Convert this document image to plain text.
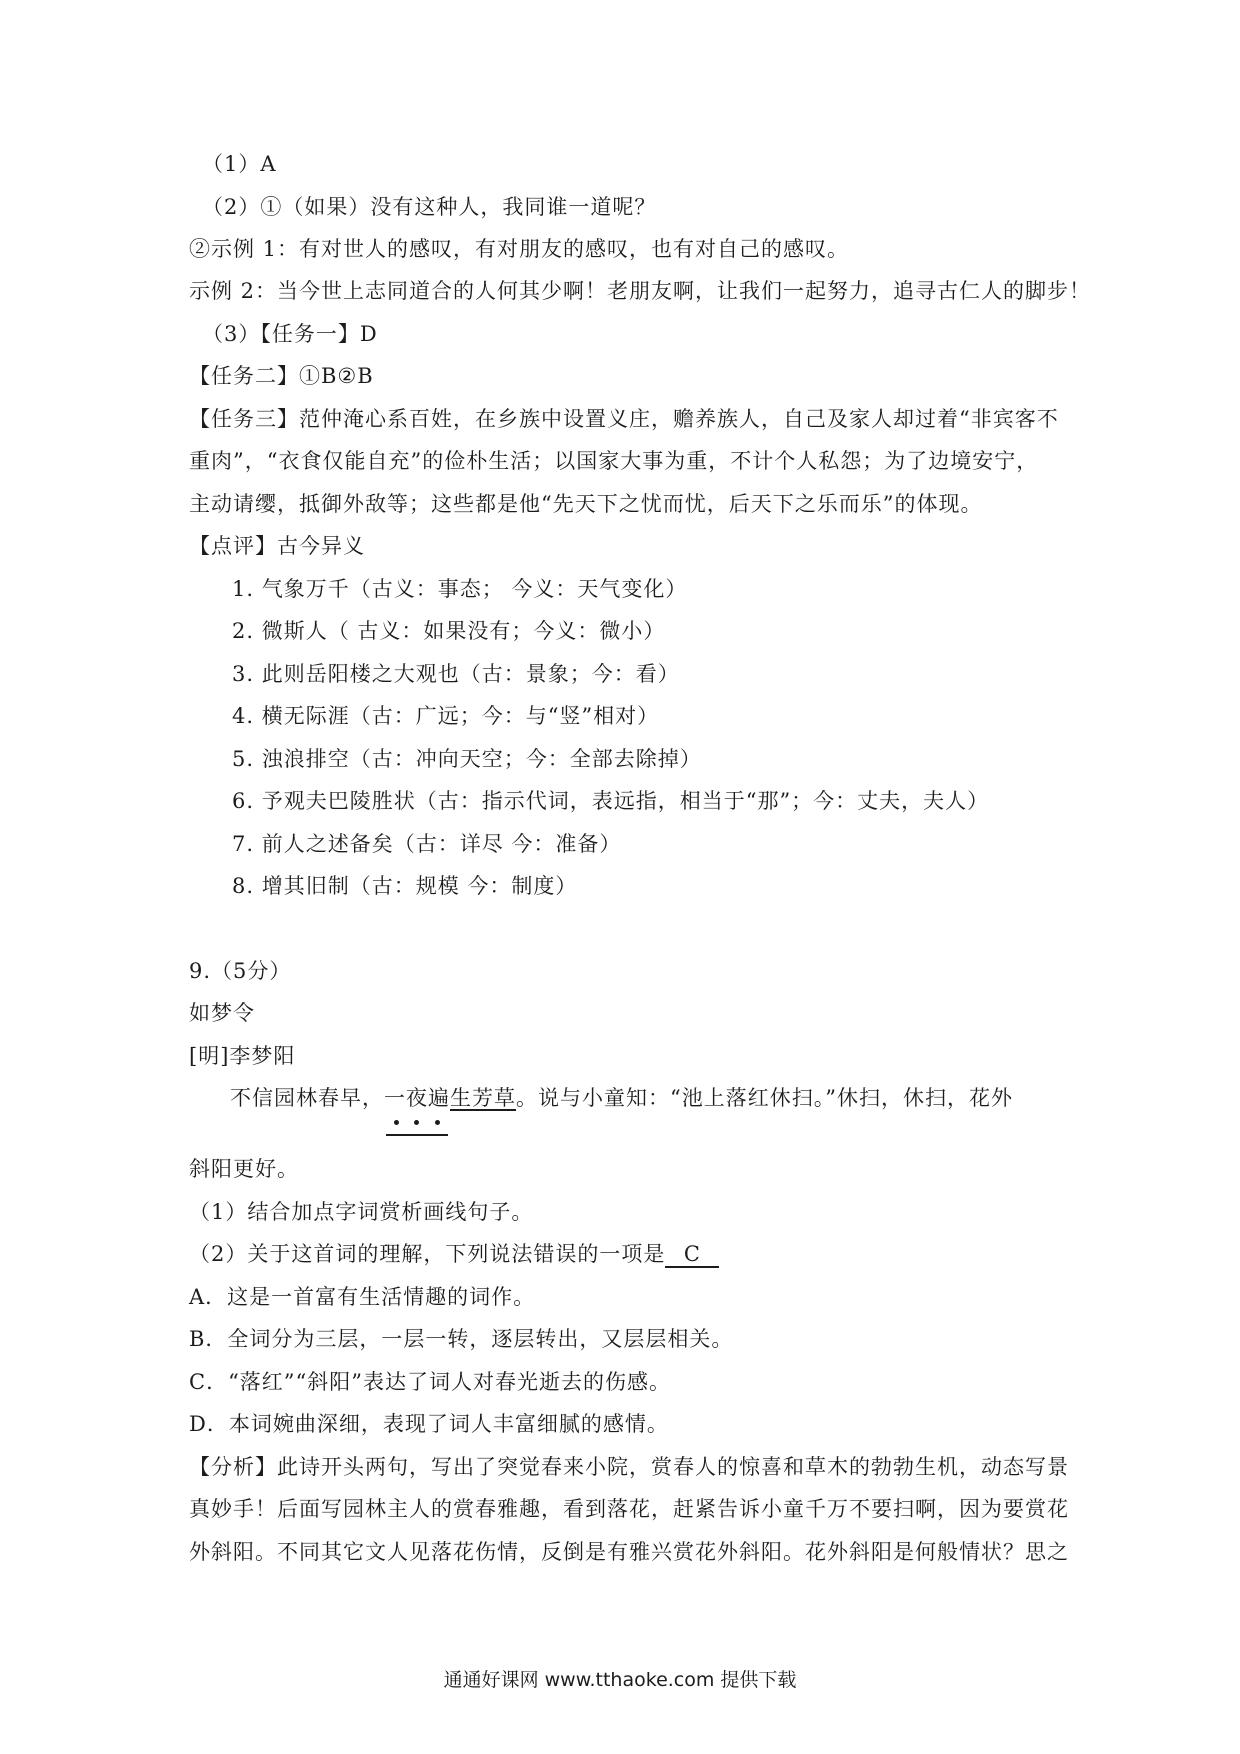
（1）A
（2）①（如果）没有这种人，我同谁一道呢？
②示例 1：有对世人的感叹，有对朋友的感叹，也有对自己的感叹。
示例 2：当今世上志同道合的人何其少啊！老朋友啊，让我们一起努力，追寻古仁人的脚步！
（3）【任务一】D
【任务二】①B②B
【任务三】范仲淹心系百姓，在乡族中设置义庄，赡养族人，自己及家人却过着“非宾客不
重肉”，“衣食仅能自充”的俭朴生活；以国家大事为重，不计个人私怨；为了边境安宁，
主动请缨，抵御外敌等；这些都是他“先天下之忧而忧，后天下之乐而乐”的体现。
【点评】古今异义
1. 气象万千（古义：事态； 今义：天气变化）
2. 微斯人（ 古义：如果没有；今义：微小）
3. 此则岳阳楼之大观也（古：景象；今：看）
4. 横无际涯（古：广远；今：与“竖”相对）
5. 浊浪排空（古：冲向天空；今：全部去除掉）
6. 予观夫巴陵胜状（古：指示代词，表远指，相当于“那”；今：丈夫，夫人）
7. 前人之述备矣（古：详尽 今：准备）
8. 增其旧制（古：规模 今：制度）
9.（5分）
如梦令
[明]李梦阳
不信园林春早，一夜遍
生芳草。说与小童知：“池上落红休扫。”休扫，休扫，花外
斜阳更好。
（1）结合加点字词赏析画线句子。
（2）关于这首词的理解，下列说法错误的一项是 C
A．这是一首富有生活情趣的词作。
B．全词分为三层，一层一转，逐层转出，又层层相关。
C．“落红”“斜阳”表达了词人对春光逝去的伤感。
D．本词婉曲深细，表现了词人丰富细腻的感情。
【分析】此诗开头两句，写出了突觉春来小院，赏春人的惊喜和草木的勃勃生机，动态写景
真妙手！后面写园林主人的赏春雅趣，看到落花，赶紧告诉小童千万不要扫啊，因为要赏花
外斜阳。不同其它文人见落花伤情，反倒是有雅兴赏花外斜阳。花外斜阳是何般情状？思之
通通好课网 www.tthaoke.com 提供下载
